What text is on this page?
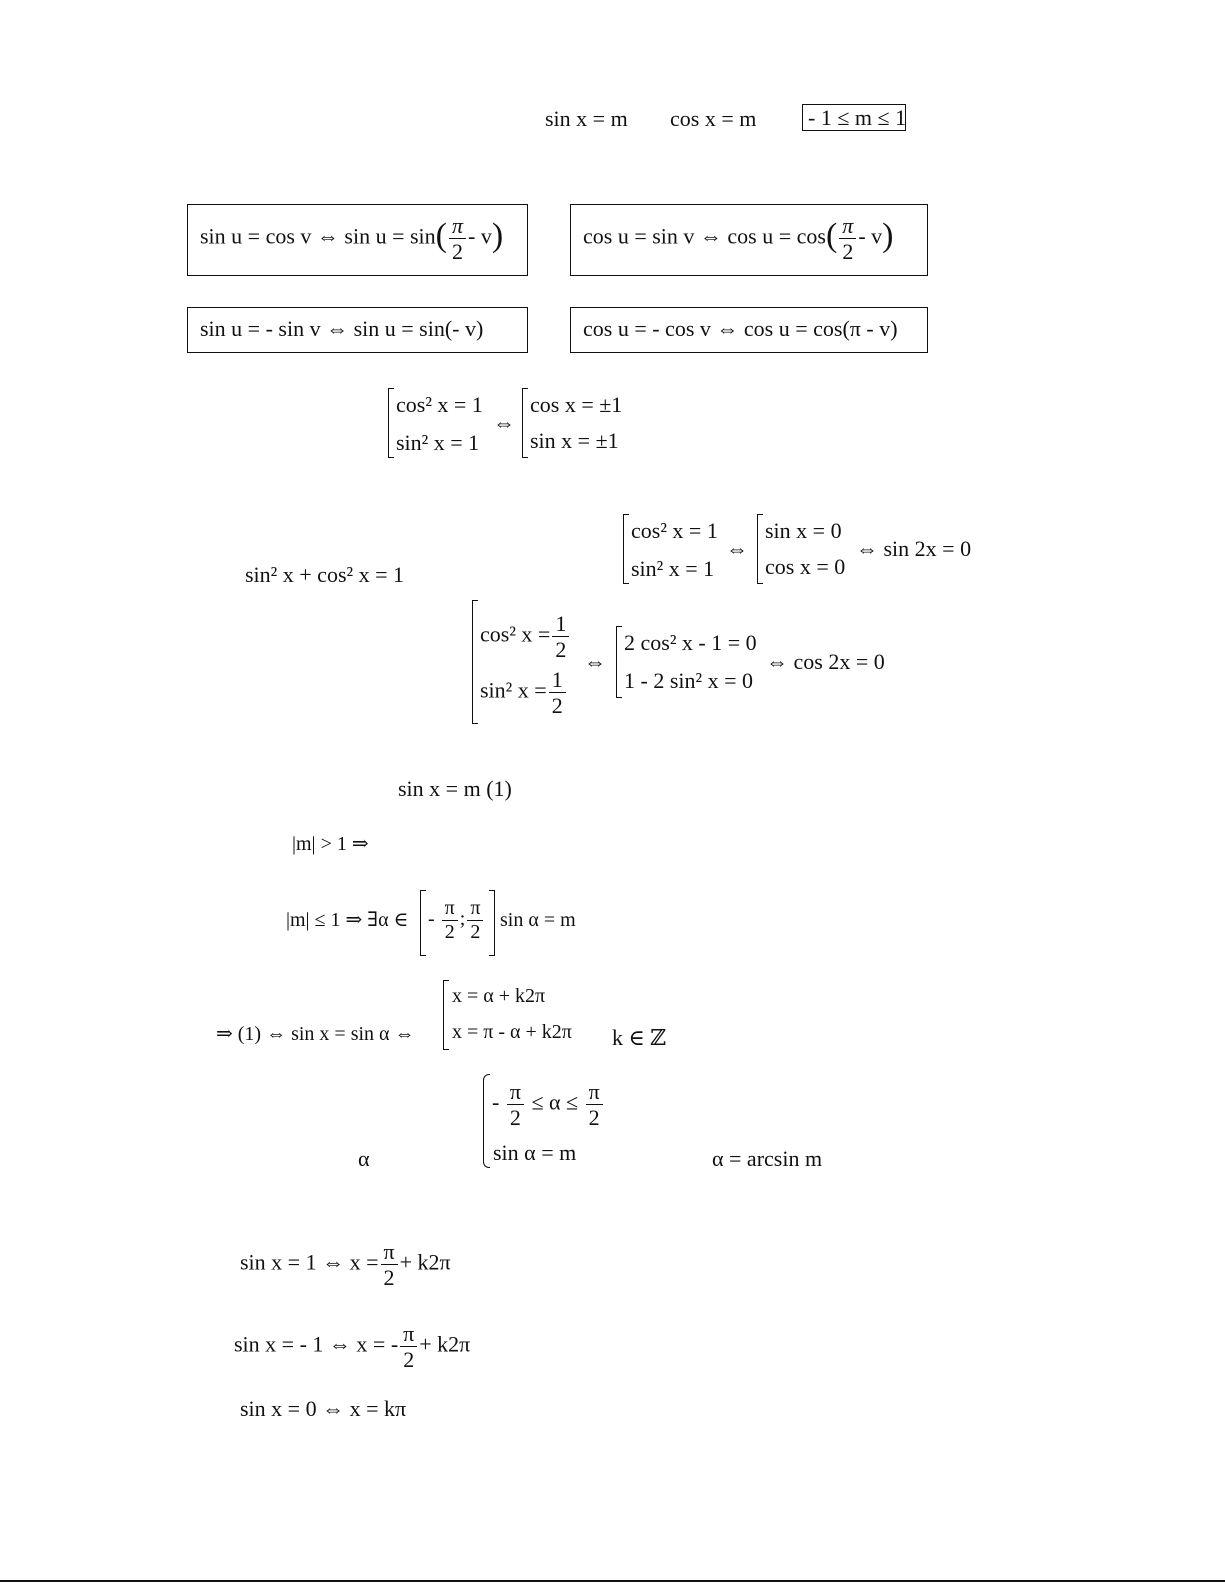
sin x = m cos x = m - 1 ≤ m ≤ 1
sin u = cos v ⇔ $\sin u = \sin( \frac{\pi}{2} - v)$	cos u = sin v ⇔ $\cos u = \cos( \frac{\pi}{2} - v)$
sin u = - sin v ⇔ sin u = sin(- v)	cos u = - cos v ⇔ cos u = cos(π - v)
cos² x = 1
sin² x = 1
⇔
cos x = ±1
sin x = ±1
sin² x + cos² x = 1
cos² x = 1
sin² x = 1
⇔
sin x = 0
cos x = 0
⇔ sin 2x = 0
cos² $x = \frac{1}{2}$
sin² $x = \frac{1}{2}$
⇔
2 cos² x - 1 = 0
1 - 2 sin² x = 0
⇔ cos 2x = 0
sin x = m (1)
|m| > 1 ⇒
|m| ≤ 1 ⇒ ∃α ∈ - $\frac{\pi}{2}$ ; $\frac{\pi}{2}$ sin α = m
⇒ (1) ⇔ sin x = sin α ⇔
x = α + k2π
x = π - α + k2π k ∈ ℤ
α
- $\frac{\pi}{2} \le \alpha \le \frac{\pi}{2}$
sin α = m	α = arcsin m
sin x = 1 ⇔ $x = \frac{\pi}{2} + k2\pi$
sin x = - 1 ⇔ x = - $\frac{\pi}{2} + k2\pi$
sin x = 0 ⇔ x = kπ
